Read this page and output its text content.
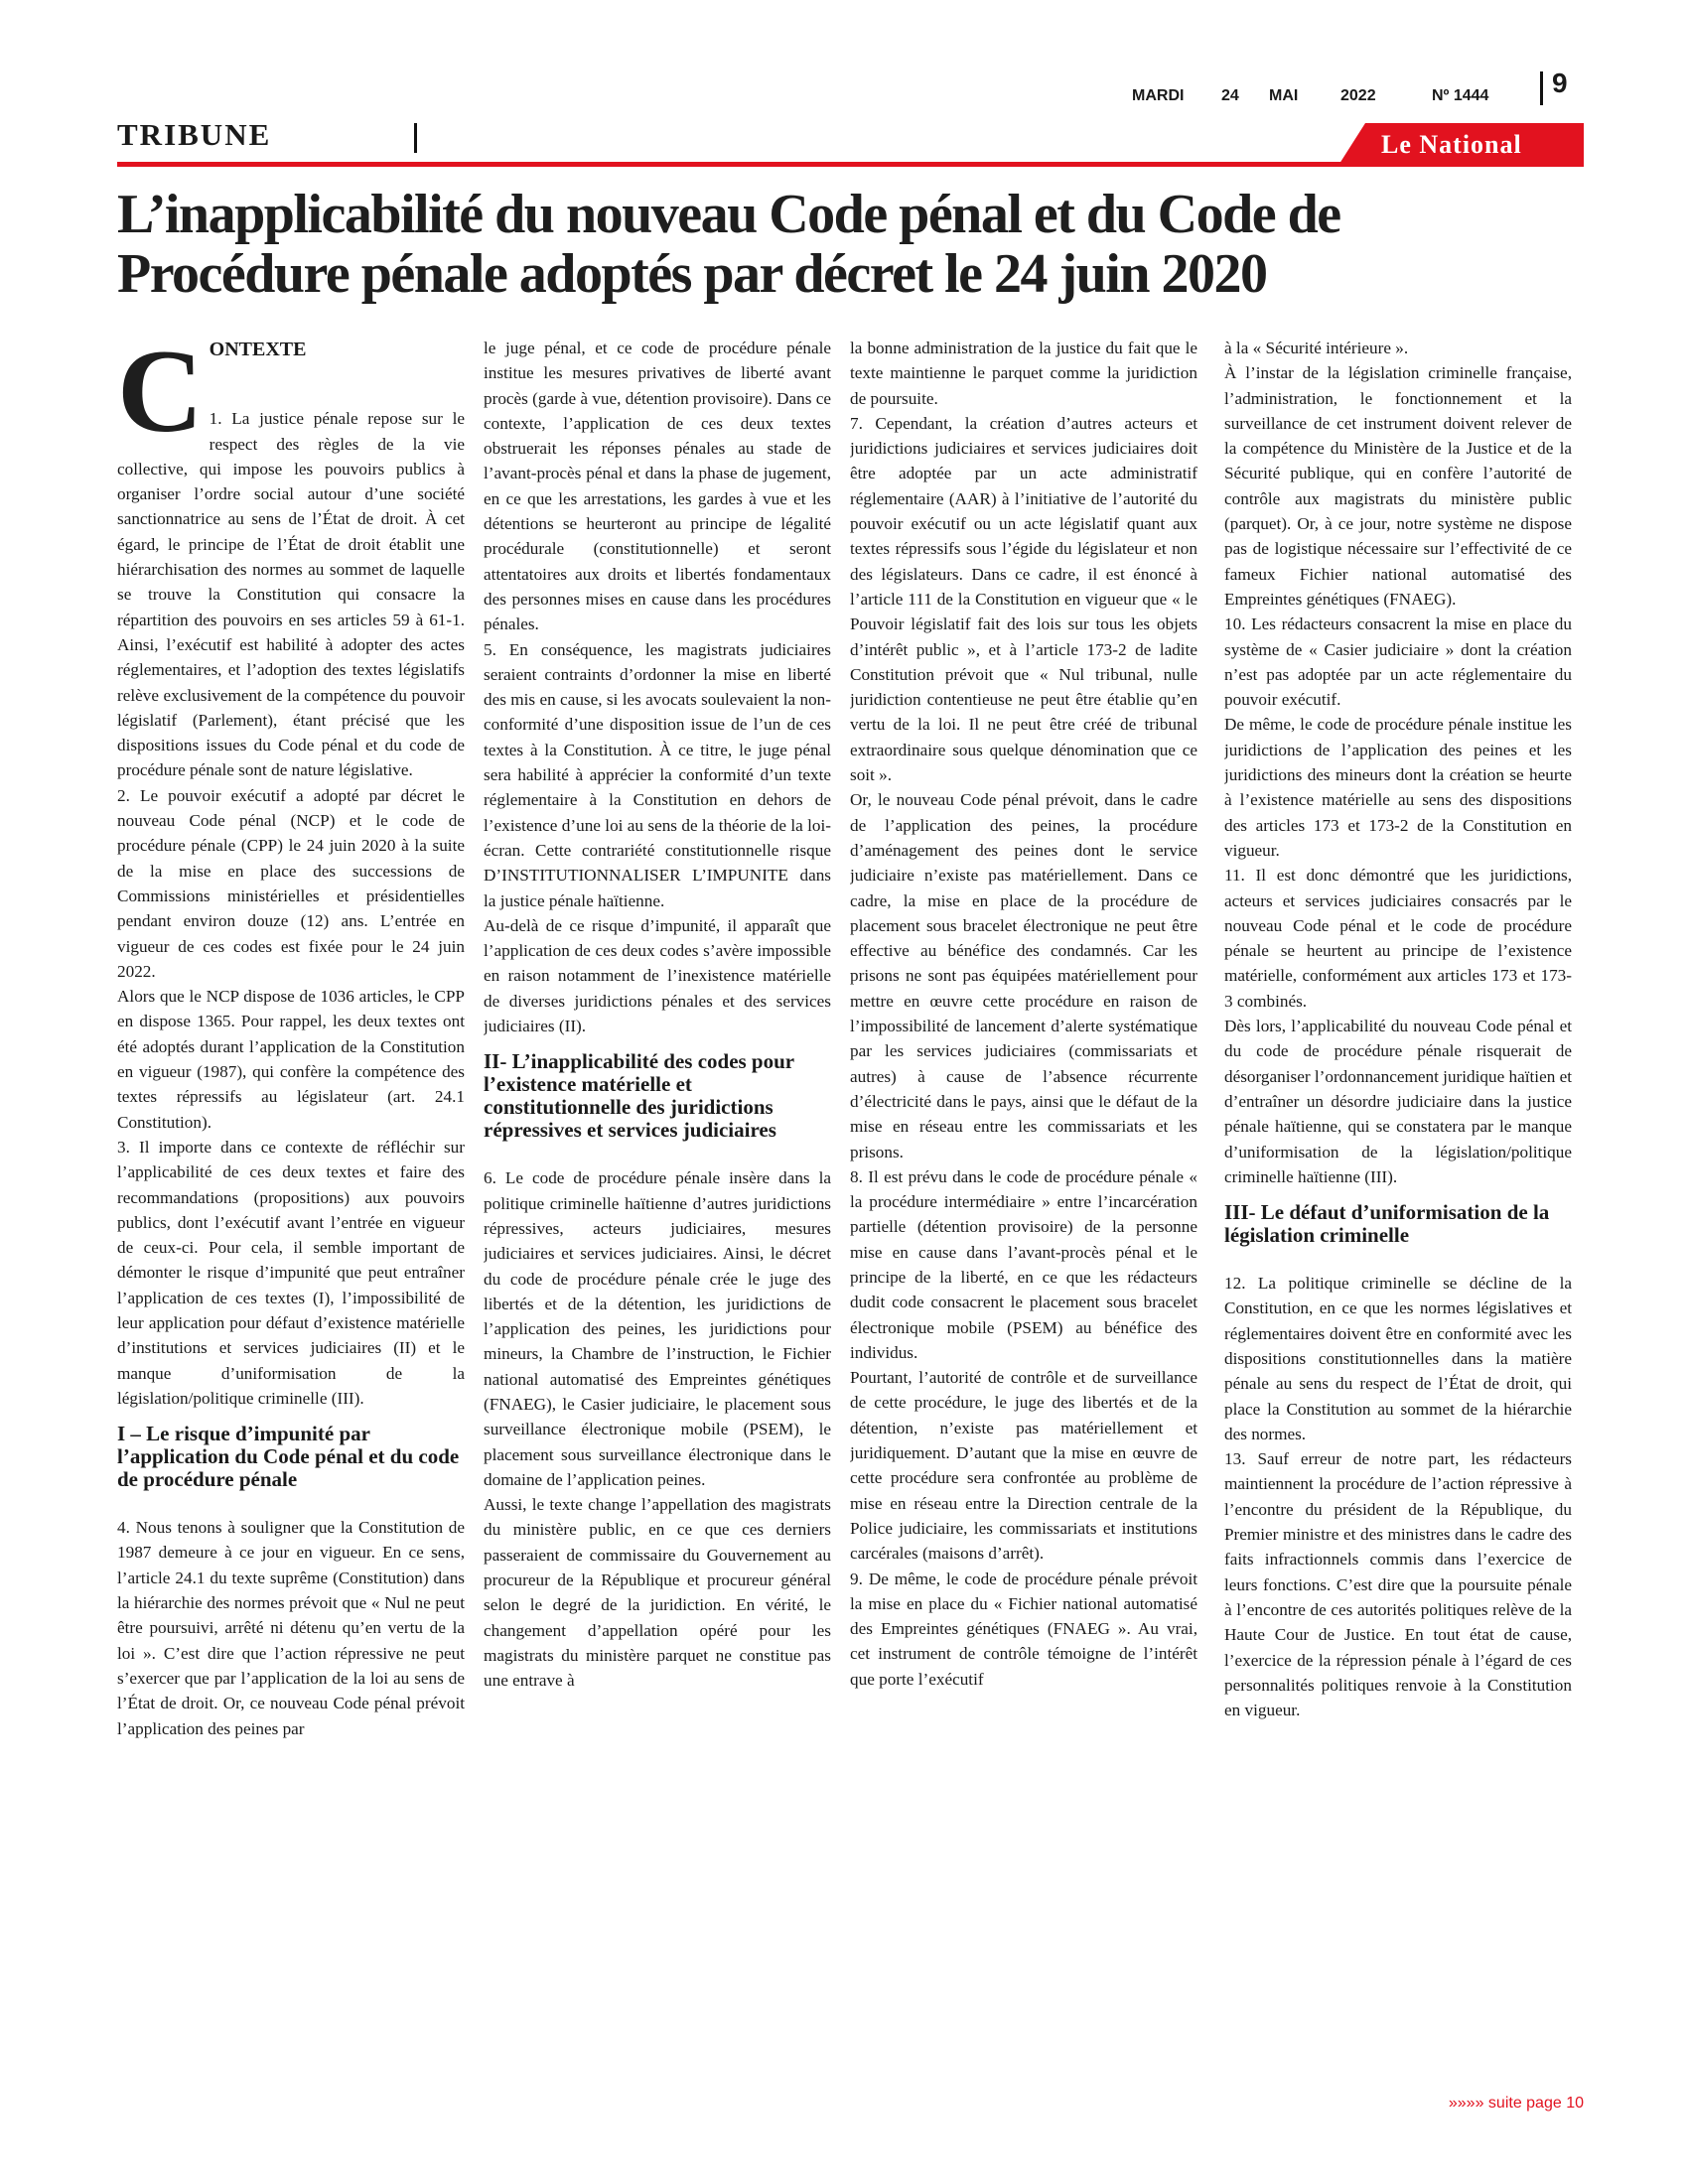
MARDI 24 MAI	2022	Nº 1444 9
TRIBUNE	Le National
L’inapplicabilité du nouveau Code pénal et du Code de Procédure pénale adoptés par décret le 24 juin 2020
C ONTEXTE

1. La justice pénale repose sur le respect des règles de la vie collective, qui impose les pouvoirs publics à organiser l’ordre social autour d’une société sanctionnatrice au sens de l’État de droit. À cet égard, le principe de l’État de droit établit une hiérarchisation des normes au sommet de laquelle se trouve la Constitution qui consacre la répartition des pouvoirs en ses articles 59 à 61-1. Ainsi, l’exécutif est habilité à adopter des actes réglementaires, et l’adoption des textes législatifs relève exclusivement de la compétence du pouvoir législatif (Parlement), étant précisé que les dispositions issues du Code pénal et du code de procédure pénale sont de nature législative.

2. Le pouvoir exécutif a adopté par décret le nouveau Code pénal (NCP) et le code de procédure pénale (CPP) le 24 juin 2020 à la suite de la mise en place des successions de Commissions ministérielles et présidentielles pendant environ douze (12) ans. L’entrée en vigueur de ces codes est fixée pour le 24 juin 2022.

Alors que le NCP dispose de 1036 articles, le CPP en dispose 1365. Pour rappel, les deux textes ont été adoptés durant l’application de la Constitution en vigueur (1987), qui confère la compétence des textes répressifs au législateur (art. 24.1 Constitution).

3. Il importe dans ce contexte de réfléchir sur l’applicabilité de ces deux textes et faire des recommandations (propositions) aux pouvoirs publics, dont l’exécutif avant l’entrée en vigueur de ceux-ci. Pour cela, il semble important de démonter le risque d’impunité que peut entraîner l’application de ces textes (I), l’impossibilité de leur application pour défaut d’existence matérielle d’institutions et services judiciaires (II) et le manque d’uniformisation de la législation/politique criminelle (III).

I – Le risque d’impunité par l’application du Code pénal et du code de procédure pénale

4. Nous tenons à souligner que la Constitution de 1987 demeure à ce jour en vigueur. En ce sens, l’article 24.1 du texte suprême (Constitution) dans la hiérarchie des normes prévoit que « Nul ne peut être poursuivi, arrêté ni détenu qu’en vertu de la loi ». C’est dire que l’action répressive ne peut s’exercer que par l’application de la loi au sens de l’État de droit. Or, ce nouveau Code pénal prévoit l’application des peines par

le juge pénal, et ce code de procédure pénale institue les mesures privatives de liberté avant procès (garde à vue, détention provisoire). Dans ce contexte, l’application de ces deux textes obstruerait les réponses pénales au stade de l’avant-procès pénal et dans la phase de jugement, en ce que les arrestations, les gardes à vue et les détentions se heurteront au principe de légalité procédurale (constitutionnelle) et seront attentatoires aux droits et libertés fondamentaux des personnes mises en cause dans les procédures pénales.

5. En conséquence, les magistrats judiciaires seraient contraints d’ordonner la mise en liberté des mis en cause, si les avocats soulevaient la non-conformité d’une disposition issue de l’un de ces textes à la Constitution. À ce titre, le juge pénal sera habilité à apprécier la conformité d’un texte réglementaire à la Constitution en dehors de l’existence d’une loi au sens de la théorie de la loi-écran. Cette contrariété constitutionnelle risque D’INSTITUTIONNALISER L’IMPUNITE dans la justice pénale haïtienne.

Au-delà de ce risque d’impunité, il apparaît que l’application de ces deux codes s’avère impossible en raison notamment de l’inexistence matérielle de diverses juridictions pénales et des services judiciaires (II).

II- L’inapplicabilité des codes pour l’existence matérielle et constitutionnelle des juridictions répressives et services judiciaires

6. Le code de procédure pénale insère dans la politique criminelle haïtienne d’autres juridictions répressives, acteurs judiciaires, mesures judiciaires et services judiciaires. Ainsi, le décret du code de procédure pénale crée le juge des libertés et de la détention, les juridictions de l’application des peines, les juridictions pour mineurs, la Chambre de l’instruction, le Fichier national automatisé des Empreintes génétiques (FNAEG), le Casier judiciaire, le placement sous surveillance électronique mobile (PSEM), le placement sous surveillance électronique dans le domaine de l’application peines.

Aussi, le texte change l’appellation des magistrats du ministère public, en ce que ces derniers passeraient de commissaire du Gouvernement au procureur de la République et procureur général selon le degré de la juridiction. En vérité, le changement d’appellation opéré pour les magistrats du ministère parquet ne constitue pas une entrave à

la bonne administration de la justice du fait que le texte maintienne le parquet comme la juridiction de poursuite.

7. Cependant, la création d’autres acteurs et juridictions judiciaires et services judiciaires doit être adoptée par un acte administratif réglementaire (AAR) à l’initiative de l’autorité du pouvoir exécutif ou un acte législatif quant aux textes répressifs sous l’égide du législateur et non des législateurs. Dans ce cadre, il est énoncé à l’article 111 de la Constitution en vigueur que « le Pouvoir législatif fait des lois sur tous les objets d’intérêt public », et à l’article 173-2 de ladite Constitution prévoit que « Nul tribunal, nulle juridiction contentieuse ne peut être établie qu’en vertu de la loi. Il ne peut être créé de tribunal extraordinaire sous quelque dénomination que ce soit ».

Or, le nouveau Code pénal prévoit, dans le cadre de l’application des peines, la procédure d’aménagement des peines dont le service judiciaire n’existe pas matériellement. Dans ce cadre, la mise en place de la procédure de placement sous bracelet électronique ne peut être effective au bénéfice des condamnés. Car les prisons ne sont pas équipées matériellement pour mettre en œuvre cette procédure en raison de l’impossibilité de lancement d’alerte systématique par les services judiciaires (commissariats et autres) à cause de l’absence récurrente d’électricité dans le pays, ainsi que le défaut de la mise en réseau entre les commissariats et les prisons.

8. Il est prévu dans le code de procédure pénale « la procédure intermédiaire » entre l’incarcération partielle (détention provisoire) de la personne mise en cause dans l’avant-procès pénal et le principe de la liberté, en ce que les rédacteurs dudit code consacrent le placement sous bracelet électronique mobile (PSEM) au bénéfice des individus.

Pourtant, l’autorité de contrôle et de surveillance de cette procédure, le juge des libertés et de la détention, n’existe pas matériellement et juridiquement. D’autant que la mise en œuvre de cette procédure sera confrontée au problème de mise en réseau entre la Direction centrale de la Police judiciaire, les commissariats et institutions carcérales (maisons d’arrêt).

9. De même, le code de procédure pénale prévoit la mise en place du « Fichier national automatisé des Empreintes génétiques (FNAEG ». Au vrai, cet instrument de contrôle témoigne de l’intérêt que porte l’exécutif

à la « Sécurité intérieure ».

À l’instar de la législation criminelle française, l’administration, le fonctionnement et la surveillance de cet instrument doivent relever de la compétence du Ministère de la Justice et de la Sécurité publique, qui en confère l’autorité de contrôle aux magistrats du ministère public (parquet). Or, à ce jour, notre système ne dispose pas de logistique nécessaire sur l’effectivité de ce fameux Fichier national automatisé des Empreintes génétiques (FNAEG).

10. Les rédacteurs consacrent la mise en place du système de « Casier judiciaire » dont la création n’est pas adoptée par un acte réglementaire du pouvoir exécutif.

De même, le code de procédure pénale institue les juridictions de l’application des peines et les juridictions des mineurs dont la création se heurte à l’existence matérielle au sens des dispositions des articles 173 et 173-2 de la Constitution en vigueur.

11. Il est donc démontré que les juridictions, acteurs et services judiciaires consacrés par le nouveau Code pénal et le code de procédure pénale se heurtent au principe de l’existence matérielle, conformément aux articles 173 et 173-3 combinés.

Dès lors, l’applicabilité du nouveau Code pénal et du code de procédure pénale risquerait de désorganiser l’ordonnancement juridique haïtien et d’entraîner un désordre judiciaire dans la justice pénale haïtienne, qui se constatera par le manque d’uniformisation de la législation/politique criminelle haïtienne (III).

III- Le défaut d’uniformisation de la législation criminelle

12. La politique criminelle se décline de la Constitution, en ce que les normes législatives et réglementaires doivent être en conformité avec les dispositions constitutionnelles dans la matière pénale au sens du respect de l’État de droit, qui place la Constitution au sommet de la hiérarchie des normes.

13. Sauf erreur de notre part, les rédacteurs maintiennent la procédure de l’action répressive à l’encontre du président de la République, du Premier ministre et des ministres dans le cadre des faits infractionnels commis dans l’exercice de leurs fonctions. C’est dire que la poursuite pénale à l’encontre de ces autorités politiques relève de la Haute Cour de Justice. En tout état de cause, l’exercice de la répression pénale à l’égard de ces personnalités politiques renvoie à la Constitution en vigueur.

»»»» suite page 10
